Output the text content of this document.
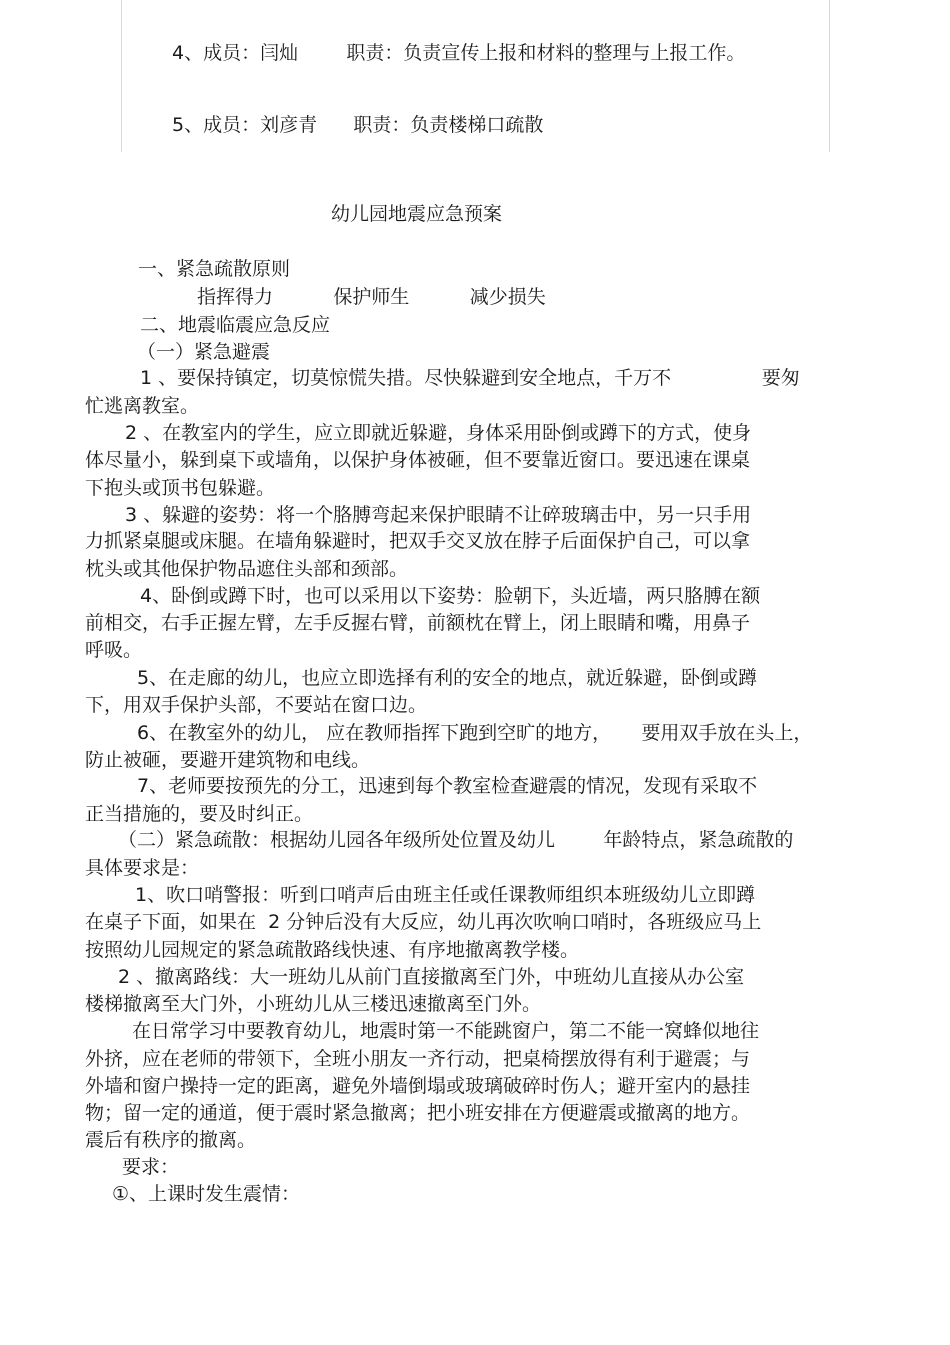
4、成员：闫灿        职责：负责宣传上报和材料的整理与上报工作。

5、成员：刘彦青      职责：负责楼梯口疏散

幼儿园地震应急预案

一、紧急疏散原则

指挥得力          保护师生          减少损失

二、地震临震应急反应

（一）紧急避震

1 、要保持镇定，切莫惊慌失措。尽快躲避到安全地点，千万不               要匆

忙逃离教室。

2 、在教室内的学生，应立即就近躲避，身体采用卧倒或蹲下的方式，使身

体尽量小，躲到桌下或墙角，以保护身体被砸，但不要靠近窗口。要迅速在课桌

下抱头或顶书包躲避。

3 、躲避的姿势：将一个胳膊弯起来保护眼睛不让碎玻璃击中，另一只手用

力抓紧桌腿或床腿。在墙角躲避时，把双手交叉放在脖子后面保护自己，可以拿

枕头或其他保护物品遮住头部和颈部。

4、卧倒或蹲下时，也可以采用以下姿势：脸朝下，头近墙，两只胳膊在额

前相交，右手正握左臂，左手反握右臂，前额枕在臂上，闭上眼睛和嘴，用鼻子

呼吸。

5、在走廊的幼儿，也应立即选择有利的安全的地点，就近躲避，卧倒或蹲

下，用双手保护头部，不要站在窗口边。

6、在教室外的幼儿， 应在教师指挥下跑到空旷的地方，     要用双手放在头上，

防止被砸，要避开建筑物和电线。

7、老师要按预先的分工，迅速到每个教室检查避震的情况，发现有采取不

正当措施的，要及时纠正。

（二）紧急疏散：根据幼儿园各年级所处位置及幼儿        年龄特点，紧急疏散的

具体要求是：

1、吹口哨警报：听到口哨声后由班主任或任课教师组织本班级幼儿立即蹲

在桌子下面，如果在  2 分钟后没有大反应，幼儿再次吹响口哨时，各班级应马上

按照幼儿园规定的紧急疏散路线快速、有序地撤离教学楼。

2 、撤离路线：大一班幼儿从前门直接撤离至门外，中班幼儿直接从办公室

楼梯撤离至大门外，小班幼儿从三楼迅速撤离至门外。

在日常学习中要教育幼儿，地震时第一不能跳窗户，第二不能一窝蜂似地往

外挤，应在老师的带领下，全班小朋友一齐行动，把桌椅摆放得有利于避震；与

外墙和窗户操持一定的距离，避免外墙倒塌或玻璃破碎时伤人；避开室内的悬挂

物；留一定的通道，便于震时紧急撤离；把小班安排在方便避震或撤离的地方。

震后有秩序的撤离。

要求：

①、上课时发生震情：
